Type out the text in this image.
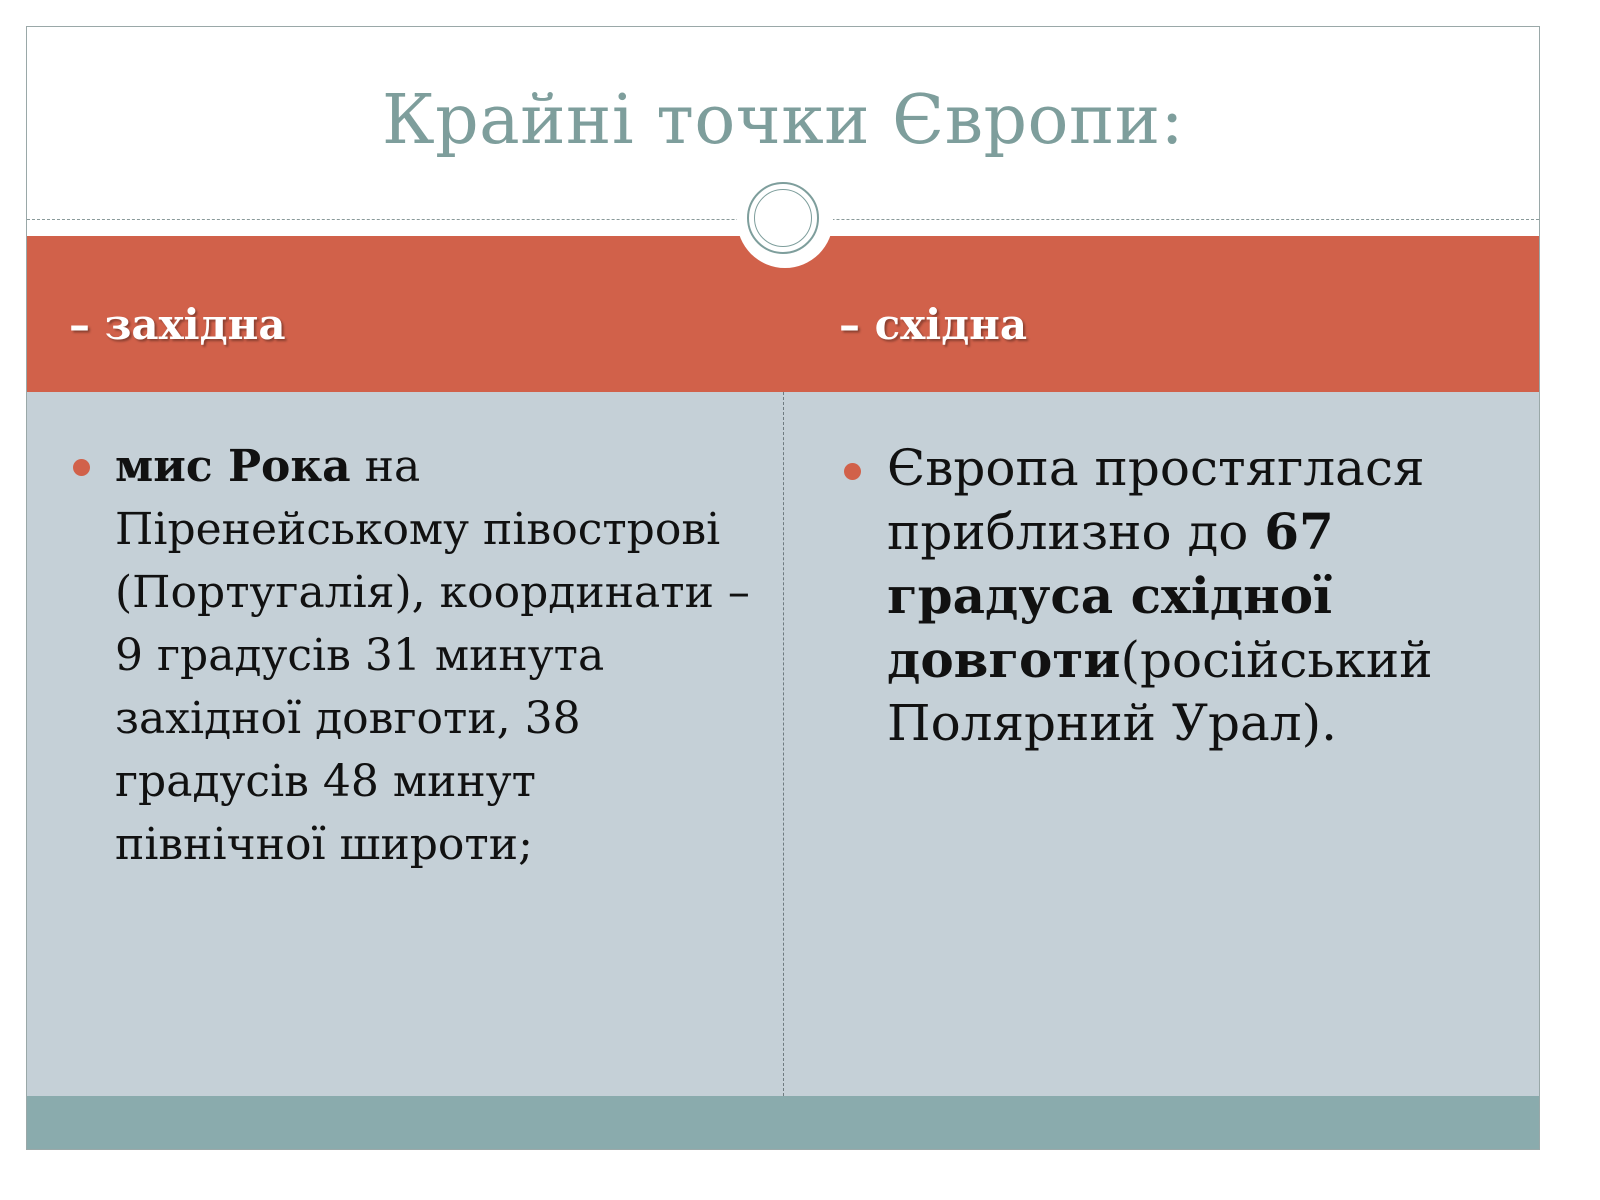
Крайні точки Європи:
– західна	– східна
мис Рока на Піренейському півострові (Португалія), координати – 9 градусів 31 минута західної довготи, 38 градусів 48 минут північної широти;
Європа простяглася приблизно до 67 градуса східної довготи(російський Полярний Урал).
